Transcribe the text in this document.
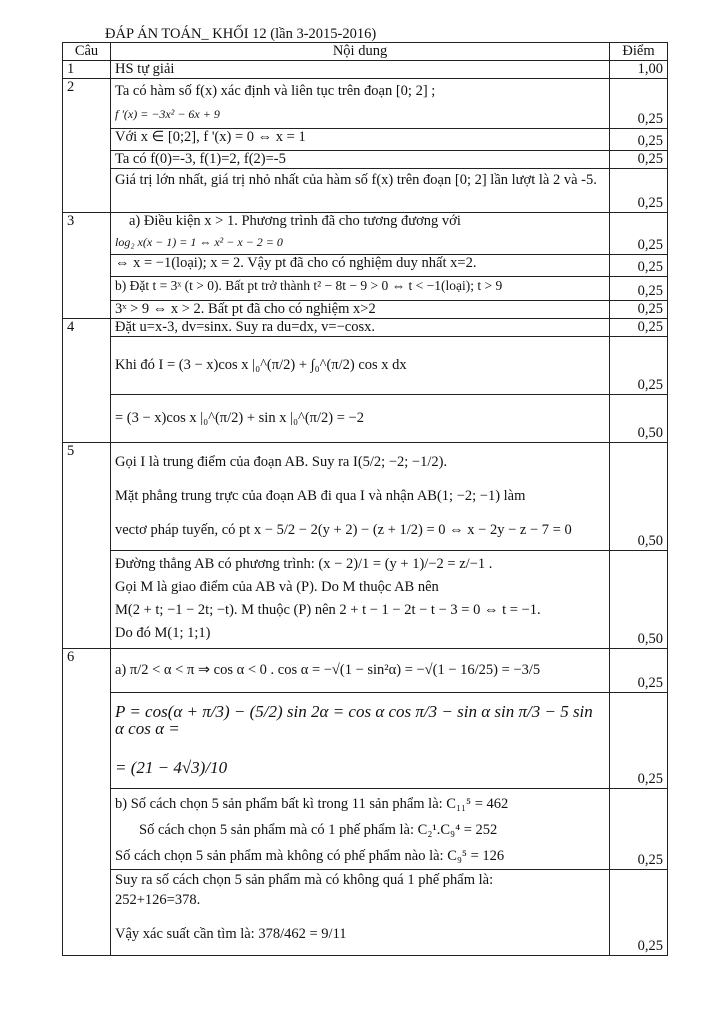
ĐÁP ÁN TOÁN_ KHỐI 12 (lần 3-2015-2016)
Câu	Nội dung	Điểm
1	HS tự giải	1,00
2	Ta có hàm số f(x) xác định và liên tục trên đoạn [0; 2] ;
f '(x) = −3x² − 6x + 9	0,25
	Với x ∈ [0;2], f '(x) = 0 ⇔ x = 1	0,25
	Ta có f(0)=-3, f(1)=2, f(2)=-5	0,25
	Giá trị lớn nhất, giá trị nhỏ nhất của hàm số f(x) trên đoạn [0; 2] lần lượt là 2 và -5.	0,25
3	a) Điều kiện x > 1. Phương trình đã cho tương đương với
log₂ x(x − 1) = 1 ⇔ x² − x − 2 = 0	0,25
	⇔ x = −1(loại); x = 2. Vậy pt đã cho có nghiệm duy nhất x=2.	0,25
	b) Đặt t = 3ˣ (t > 0). Bất pt trở thành t² − 8t − 9 > 0 ⇔ t < −1(loại); t > 9	0,25
	3ˣ > 9 ⇔ x > 2. Bất pt đã cho có nghiệm x>2	0,25
4	Đặt u=x-3, dv=sinx. Suy ra du=dx, v=−cosx.	0,25
	Khi đó I = (3 − x)cos x |₀^(π/2) + ∫₀^(π/2) cos x dx	0,25
	= (3 − x)cos x |₀^(π/2) + sin x |₀^(π/2) = −2	0,50
5	Gọi I là trung điểm của đoạn AB. Suy ra I(5/2; −2; −1/2).
Mặt phẳng trung trực của đoạn AB đi qua I và nhận AB(1; −2; −1) làm
vectơ pháp tuyến, có pt x − 5/2 − 2(y + 2) − (z + 1/2) = 0 ⇔ x − 2y − z − 7 = 0	0,50

	Đường thẳng AB có phương trình: (x − 2)/1 = (y + 1)/−2 = z/−1 .
Gọi M là giao điểm của AB và (P). Do M thuộc AB nên
M(2 + t; −1 − 2t; −t). M thuộc (P) nên 2 + t − 1 − 2t − t − 3 = 0 ⇔ t = −1.
Do đó M(1; 1;1)	0,50
6	a) π/2 < α < π ⇒ cos α < 0 . cos α = −√(1 − sin²α) = −√(1 − 16/25) = −3/5	0,25

	P = cos(α + π/3) − (5/2) sin 2α = cos α cos π/3 − sin α sin π/3 − 5 sin α cos α =
= (21 − 4√3)/10	0,25

	b) Số cách chọn 5 sản phẩm bất kì trong 11 sản phẩm là: C₁₁⁵ = 462
Số cách chọn 5 sản phẩm mà có 1 phế phẩm là: C₂¹.C₉⁴ = 252
Số cách chọn 5 sản phẩm mà không có phế phẩm nào là: C₉⁵ = 126	0,25

	Suy ra số cách chọn 5 sản phẩm mà có không quá 1 phế phẩm là:
252+126=378.
Vậy xác suất cần tìm là: 378/462 = 9/11	0,25
